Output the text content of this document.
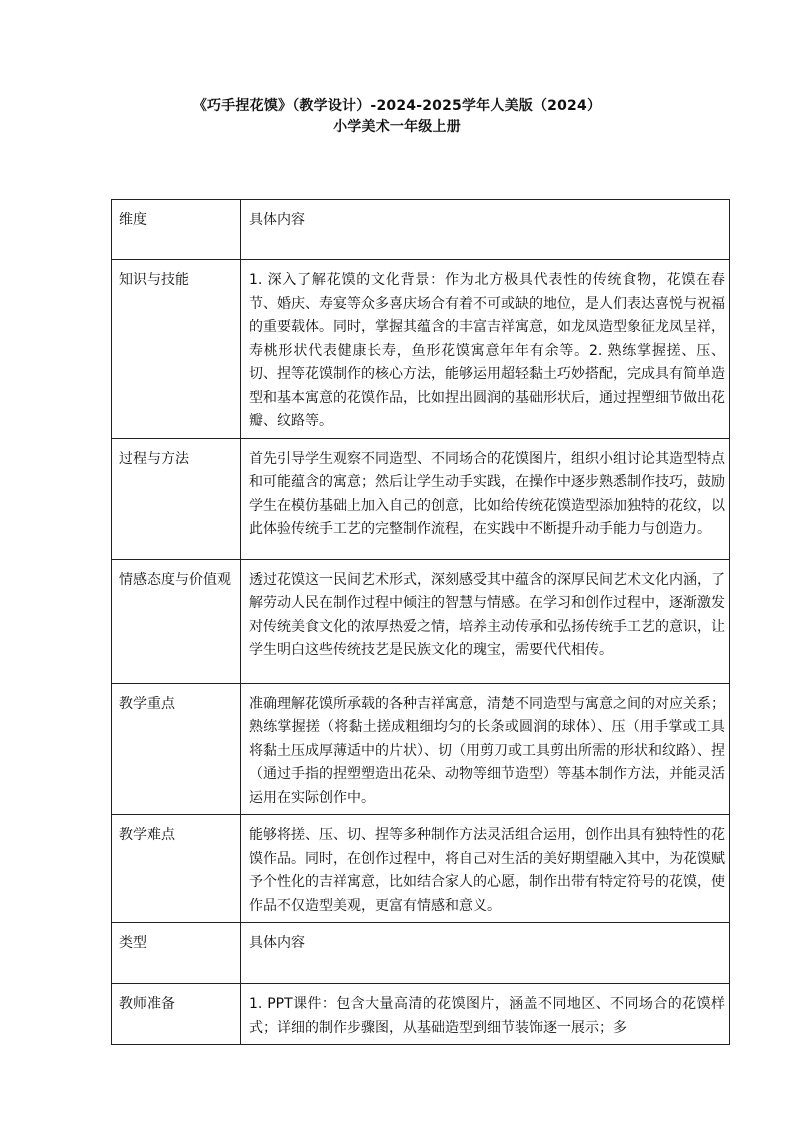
《巧手捏花馍》（教学设计）-2024-2025学年人美版（2024）
小学美术一年级上册
维度	具体内容
知识与技能	1. 深入了解花馍的文化背景：作为北方极具代表性的传统食物，花馍在春节、婚庆、寿宴等众多喜庆场合有着不可或缺的地位，是人们表达喜悦与祝福的重要载体。同时，掌握其蕴含的丰富吉祥寓意，如龙凤造型象征龙凤呈祥，寿桃形状代表健康长寿，鱼形花馍寓意年年有余等。2. 熟练掌握搓、压、切、捏等花馍制作的核心方法，能够运用超轻黏土巧妙搭配，完成具有简单造型和基本寓意的花馍作品，比如捏出圆润的基础形状后，通过捏塑细节做出花瓣、纹路等。
过程与方法	首先引导学生观察不同造型、不同场合的花馍图片，组织小组讨论其造型特点和可能蕴含的寓意；然后让学生动手实践，在操作中逐步熟悉制作技巧，鼓励学生在模仿基础上加入自己的创意，比如给传统花馍造型添加独特的花纹，以此体验传统手工艺的完整制作流程，在实践中不断提升动手能力与创造力。
情感态度与价值观	透过花馍这一民间艺术形式，深刻感受其中蕴含的深厚民间艺术文化内涵，了解劳动人民在制作过程中倾注的智慧与情感。在学习和创作过程中，逐渐激发对传统美食文化的浓厚热爱之情，培养主动传承和弘扬传统手工艺的意识，让学生明白这些传统技艺是民族文化的瑰宝，需要代代相传。
教学重点	准确理解花馍所承载的各种吉祥寓意，清楚不同造型与寓意之间的对应关系；熟练掌握搓（将黏土搓成粗细均匀的长条或圆润的球体）、压（用手掌或工具将黏土压成厚薄适中的片状）、切（用剪刀或工具剪出所需的形状和纹路）、捏（通过手指的捏塑塑造出花朵、动物等细节造型）等基本制作方法，并能灵活运用在实际创作中。
教学难点	能够将搓、压、切、捏等多种制作方法灵活组合运用，创作出具有独特性的花馍作品。同时，在创作过程中，将自己对生活的美好期望融入其中，为花馍赋予个性化的吉祥寓意，比如结合家人的心愿，制作出带有特定符号的花馍，使作品不仅造型美观，更富有情感和意义。
类型	具体内容
教师准备	1. PPT课件：包含大量高清的花馍图片，涵盖不同地区、不同场合的花馍样式；详细的制作步骤图，从基础造型到细节装饰逐一展示；多
